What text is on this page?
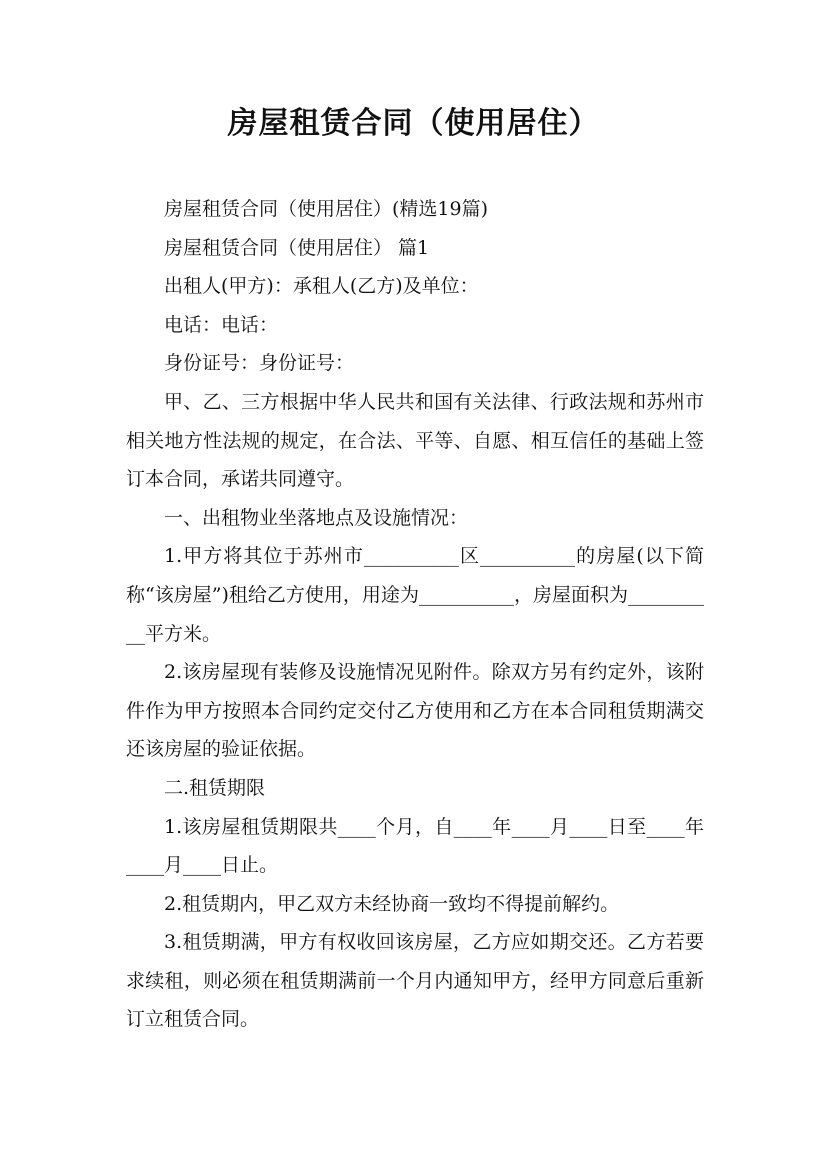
房屋租赁合同（使用居住）

房屋租赁合同（使用居住）(精选19篇)

房屋租赁合同（使用居住） 篇1

出租人(甲方)：承租人(乙方)及单位：

电话：电话：

身份证号：身份证号：

甲、乙、三方根据中华人民共和国有关法律、行政法规和苏州市相关地方性法规的规定，在合法、平等、自愿、相互信任的基础上签订本合同，承诺共同遵守。

一、出租物业坐落地点及设施情况：

1.甲方将其位于苏州市__________区__________的房屋(以下简称“该房屋”)租给乙方使用，用途为__________，房屋面积为__________平方米。

2.该房屋现有装修及设施情况见附件。除双方另有约定外，该附件作为甲方按照本合同约定交付乙方使用和乙方在本合同租赁期满交还该房屋的验证依据。

二.租赁期限

1.该房屋租赁期限共____个月，自____年____月____日至____年____月____日止。

2.租赁期内，甲乙双方未经协商一致均不得提前解约。

3.租赁期满，甲方有权收回该房屋，乙方应如期交还。乙方若要求续租，则必须在租赁期满前一个月内通知甲方，经甲方同意后重新订立租赁合同。
